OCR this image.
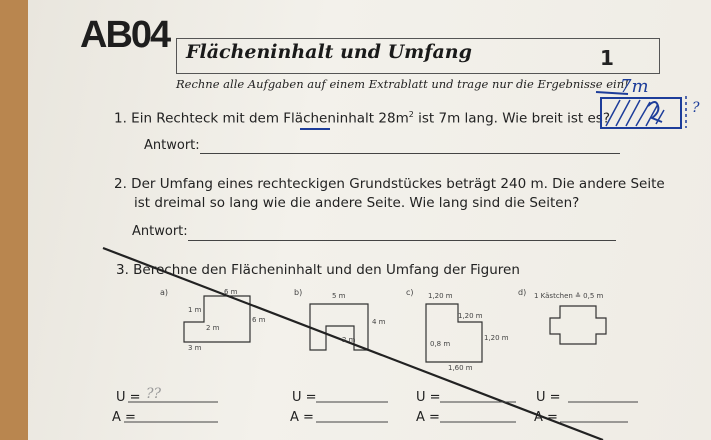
AB04 Flächeninhalt und Umfang	1
Rechne alle Aufgaben auf einem Extrablatt und trage nur die Ergebnisse ein!
1. Ein Rechteck mit dem Flächeninhalt $28m^2$ ist 7m lang. Wie breit ist es?
7m
?
Antwort:
2. Der Umfang eines rechteckigen Grundstückes beträgt 240 m. Die andere Seite
ist dreimal so lang wie die andere Seite. Wie lang sind die Seiten?
Antwort:
3. Berechne den Flächeninhalt und den Umfang der Figuren
a)	6 m
1 m
2 m
3 m
6 m
b)	5 m
4 m
2 m
c) 1,20 m
1,20 m
0,8 m
1,20 m
1,60 m
d) 1 Kästchen ≙ 0,5 m
U =	U =	U =	U =
A =	A =	A =	A =
??
